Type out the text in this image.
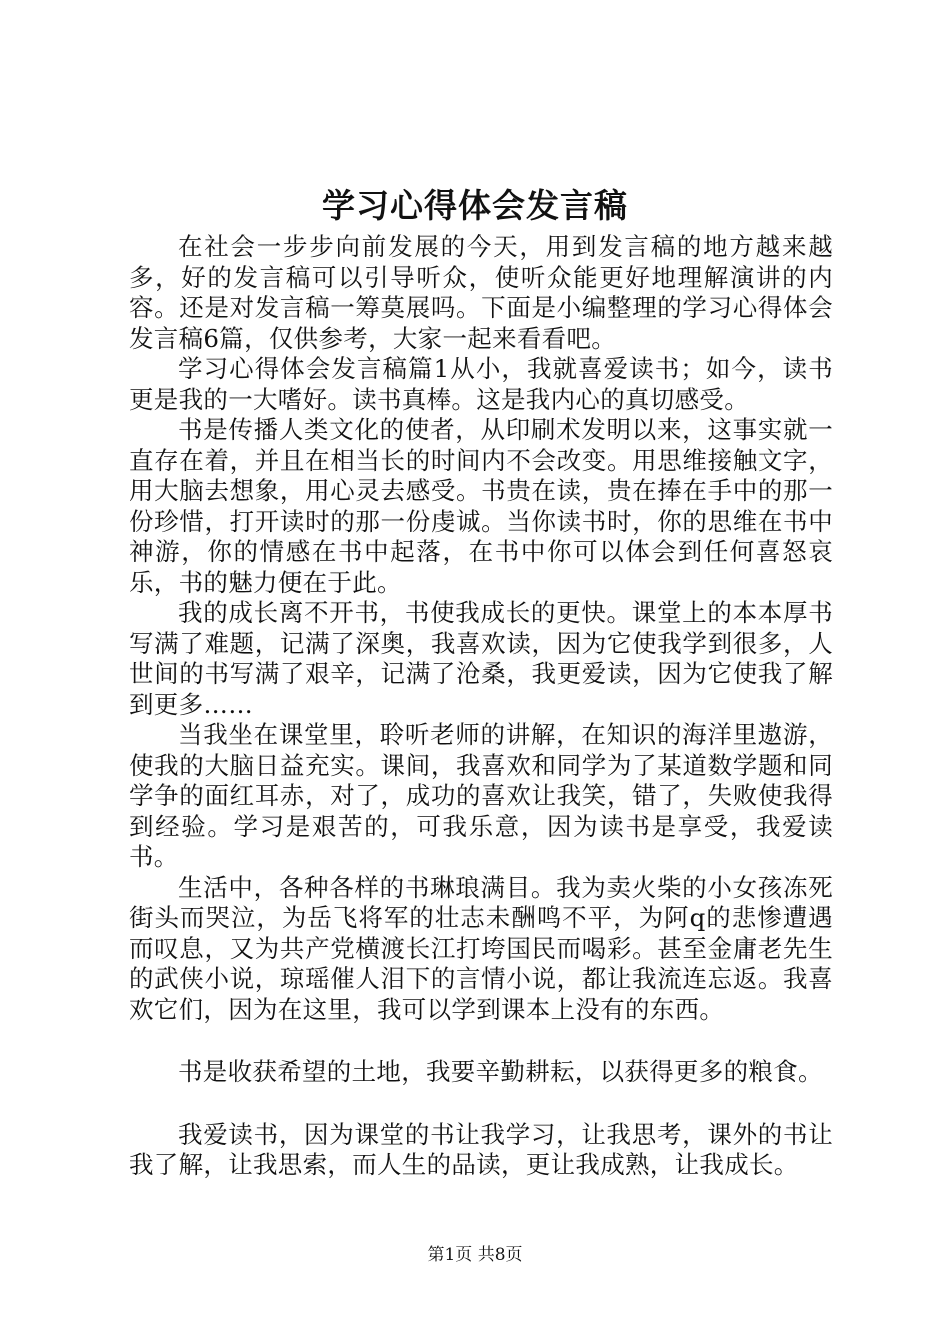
学习心得体会发言稿

在社会一步步向前发展的今天，用到发言稿的地方越来越多，好的发言稿可以引导听众，使听众能更好地理解演讲的内容。还是对发言稿一筹莫展吗。下面是小编整理的学习心得体会发言稿6篇，仅供参考，大家一起来看看吧。

学习心得体会发言稿篇1从小，我就喜爱读书；如今，读书更是我的一大嗜好。读书真棒。这是我内心的真切感受。

书是传播人类文化的使者，从印刷术发明以来，这事实就一直存在着，并且在相当长的时间内不会改变。用思维接触文字，用大脑去想象，用心灵去感受。书贵在读，贵在捧在手中的那一份珍惜，打开读时的那一份虔诚。当你读书时，你的思维在书中神游，你的情感在书中起落，在书中你可以体会到任何喜怒哀乐，书的魅力便在于此。

我的成长离不开书，书使我成长的更快。课堂上的本本厚书写满了难题，记满了深奥，我喜欢读，因为它使我学到很多，人世间的书写满了艰辛，记满了沧桑，我更爱读，因为它使我了解到更多……

当我坐在课堂里，聆听老师的讲解，在知识的海洋里遨游，使我的大脑日益充实。课间，我喜欢和同学为了某道数学题和同学争的面红耳赤，对了，成功的喜欢让我笑，错了，失败使我得到经验。学习是艰苦的，可我乐意，因为读书是享受，我爱读书。

生活中，各种各样的书琳琅满目。我为卖火柴的小女孩冻死街头而哭泣，为岳飞将军的壮志未酬鸣不平，为阿q的悲惨遭遇而叹息，又为共产党横渡长江打垮国民而喝彩。甚至金庸老先生的武侠小说，琼瑶催人泪下的言情小说，都让我流连忘返。我喜欢它们，因为在这里，我可以学到课本上没有的东西。

书是收获希望的土地，我要辛勤耕耘，以获得更多的粮食。

我爱读书，因为课堂的书让我学习，让我思考，课外的书让我了解，让我思索，而人生的品读，更让我成熟，让我成长。

第1页 共8页
